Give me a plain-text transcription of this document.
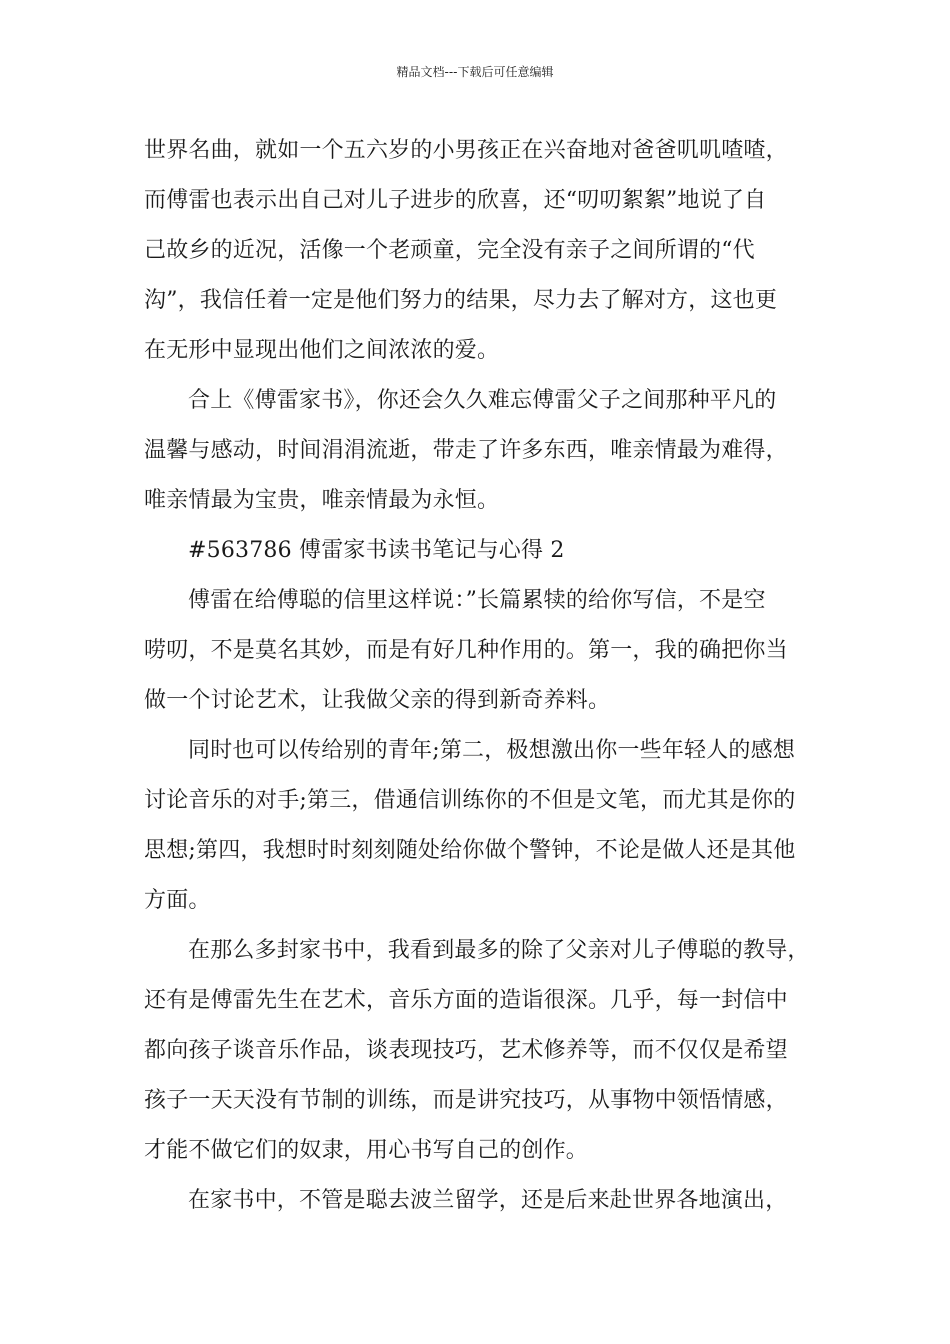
精品文档---下载后可任意编辑
世界名曲，就如一个五六岁的小男孩正在兴奋地对爸爸叽叽喳喳，
而傅雷也表示出自己对儿子进步的欣喜，还“叨叨絮絮”地说了自
己故乡的近况，活像一个老顽童，完全没有亲子之间所谓的“代
沟”，我信任着一定是他们努力的结果，尽力去了解对方，这也更
在无形中显现出他们之间浓浓的爱。
合上《傅雷家书》，你还会久久难忘傅雷父子之间那种平凡的
温馨与感动，时间涓涓流逝，带走了许多东西，唯亲情最为难得，
唯亲情最为宝贵，唯亲情最为永恒。
#563786 傅雷家书读书笔记与心得 2
傅雷在给傅聪的信里这样说：”长篇累犊的给你写信，不是空
唠叨，不是莫名其妙，而是有好几种作用的。第一，我的确把你当
做一个讨论艺术，让我做父亲的得到新奇养料。
同时也可以传给别的青年;第二，极想激出你一些年轻人的感想
讨论音乐的对手;第三，借通信训练你的不但是文笔，而尤其是你的
思想;第四，我想时时刻刻随处给你做个警钟，不论是做人还是其他
方面。
在那么多封家书中，我看到最多的除了父亲对儿子傅聪的教导，
还有是傅雷先生在艺术，音乐方面的造诣很深。几乎，每一封信中
都向孩子谈音乐作品，谈表现技巧，艺术修养等，而不仅仅是希望
孩子一天天没有节制的训练，而是讲究技巧，从事物中领悟情感，
才能不做它们的奴隶，用心书写自己的创作。
在家书中，不管是聪去波兰留学，还是后来赴世界各地演出，
